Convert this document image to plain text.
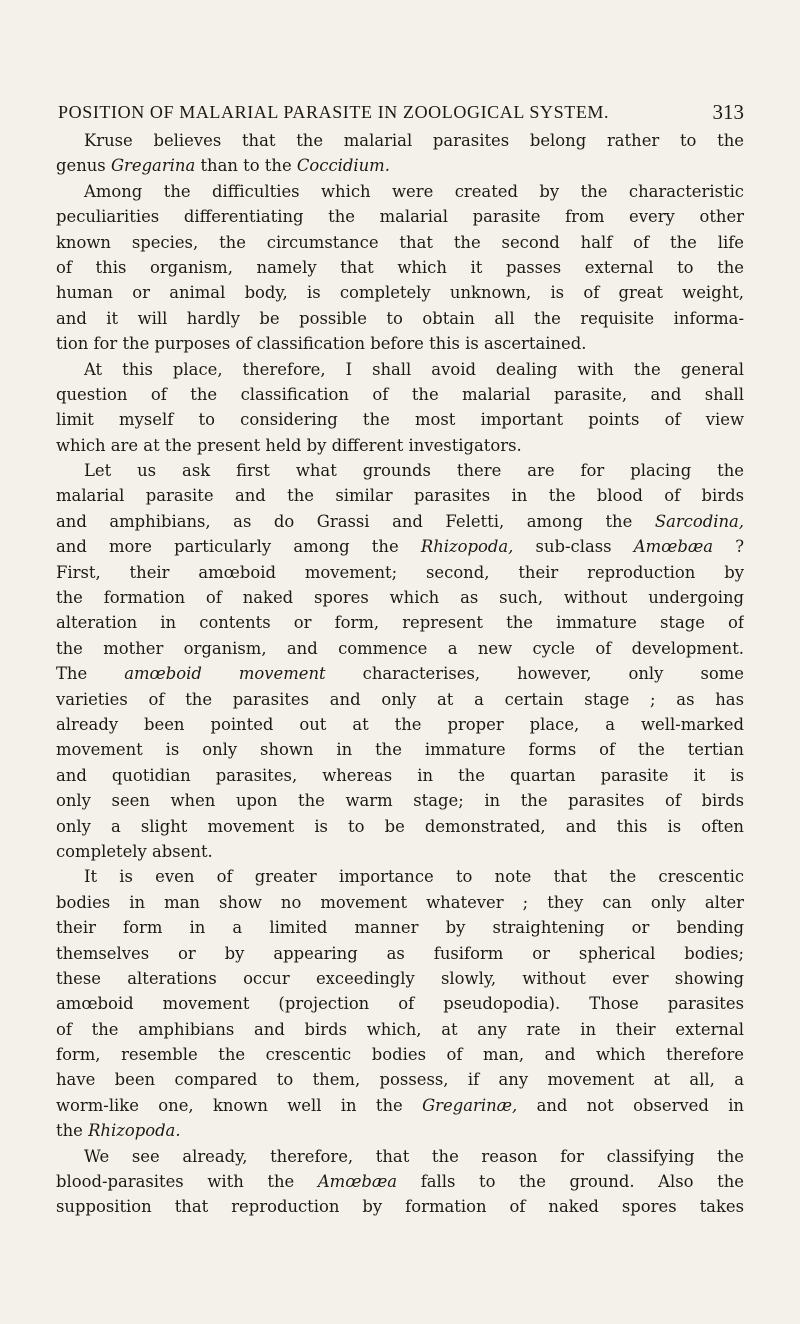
POSITION OF MALARIAL PARASITE IN ZOOLOGICAL SYSTEM.	313
Kruse believes that the malarial parasites belong rather to the
genus Gregarina than to the Coccidium.
Among the difficulties which were created by the characteristic
peculiarities differentiating the malarial parasite from every other
known species, the circumstance that the second half of the life
of this organism, namely that which it passes external to the
human or animal body, is completely unknown, is of great weight,
and it will hardly be possible to obtain all the requisite informa-
tion for the purposes of classification before this is ascertained.
At this place, therefore, I shall avoid dealing with the general
question of the classification of the malarial parasite, and shall
limit myself to considering the most important points of view
which are at the present held by different investigators.
Let us ask first what grounds there are for placing the
malarial parasite and the similar parasites in the blood of birds
and amphibians, as do Grassi and Feletti, among the Sarcodina,
and more particularly among the Rhizopoda, sub-class Amœbæa ?
First, their amœboid movement; second, their reproduction by
the formation of naked spores which as such, without undergoing
alteration in contents or form, represent the immature stage of
the mother organism, and commence a new cycle of development.
The amœboid movement characterises, however, only some
varieties of the parasites and only at a certain stage ; as has
already been pointed out at the proper place, a well-marked
movement is only shown in the immature forms of the tertian
and quotidian parasites, whereas in the quartan parasite it is
only seen when upon the warm stage; in the parasites of birds
only a slight movement is to be demonstrated, and this is often
completely absent.
It is even of greater importance to note that the crescentic
bodies in man show no movement whatever ; they can only alter
their form in a limited manner by straightening or bending
themselves or by appearing as fusiform or spherical bodies;
these alterations occur exceedingly slowly, without ever showing
amœboid movement (projection of pseudopodia). Those parasites
of the amphibians and birds which, at any rate in their external
form, resemble the crescentic bodies of man, and which therefore
have been compared to them, possess, if any movement at all, a
worm-like one, known well in the Gregarinæ, and not observed in
the Rhizopoda.
We see already, therefore, that the reason for classifying the
blood-parasites with the Amœbæa falls to the ground. Also the
supposition that reproduction by formation of naked spores takes
